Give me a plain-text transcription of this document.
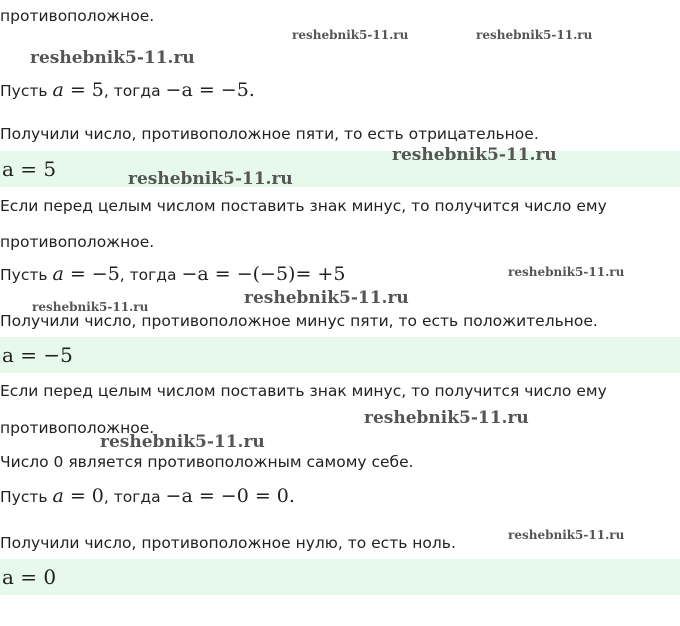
противоположное.

Пусть a = 5, тогда −a = −5.

Получили число, противоположное пяти, то есть отрицательное.

a = 5

Если перед целым числом поставить знак минус, то получится число ему

противоположное.

Пусть a = −5, тогда −a = −(−5)= +5

Получили число, противоположное минус пяти, то есть положительное.

a = −5

Если перед целым числом поставить знак минус, то получится число ему

противоположное.

Число 0 является противоположным самому себе.

Пусть a = 0, тогда −a = −0 = 0.

Получили число, противоположное нулю, то есть ноль.

a = 0
reshebnik5-11.ru	reshebnik5-11.ru
reshebnik5-11.ru
reshebnik5-11.ru
reshebnik5-11.ru
reshebnik5-11.ru
reshebnik5-11.ru
reshebnik5-11.ru
reshebnik5-11.ru
reshebnik5-11.ru
reshebnik5-11.ru
